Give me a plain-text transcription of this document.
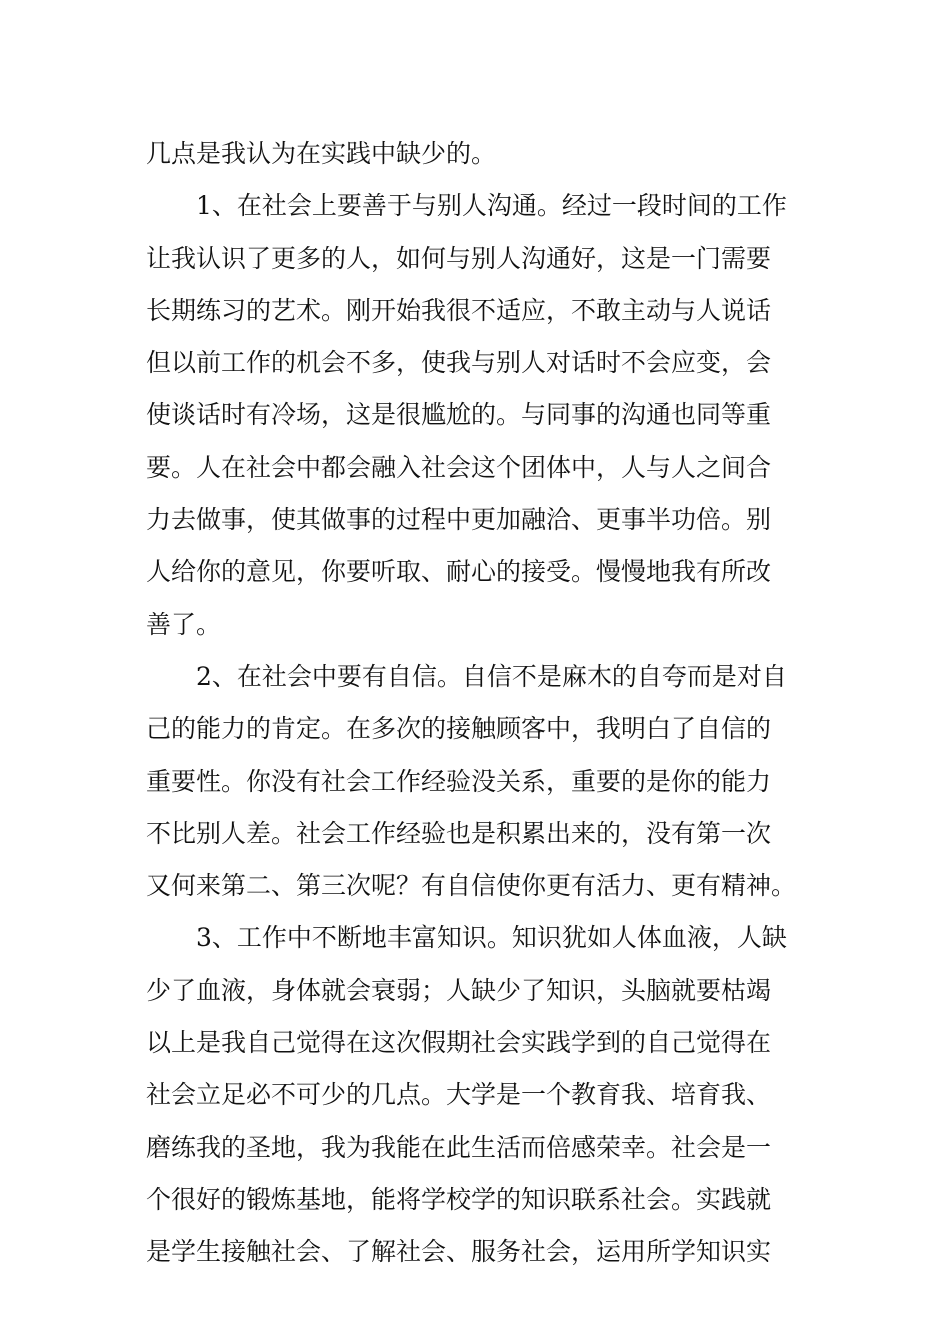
几点是我认为在实践中缺少的。
1、在社会上要善于与别人沟通。经过一段时间的工作
让我认识了更多的人，如何与别人沟通好，这是一门需要
长期练习的艺术。刚开始我很不适应，不敢主动与人说话
但以前工作的机会不多，使我与别人对话时不会应变，会
使谈话时有冷场，这是很尴尬的。与同事的沟通也同等重
要。人在社会中都会融入社会这个团体中，人与人之间合
力去做事，使其做事的过程中更加融洽、更事半功倍。别
人给你的意见，你要听取、耐心的接受。慢慢地我有所改
善了。
2、在社会中要有自信。自信不是麻木的自夸而是对自
己的能力的肯定。在多次的接触顾客中，我明白了自信的
重要性。你没有社会工作经验没关系，重要的是你的能力
不比别人差。社会工作经验也是积累出来的，没有第一次
又何来第二、第三次呢？有自信使你更有活力、更有精神。
3、工作中不断地丰富知识。知识犹如人体血液，人缺
少了血液，身体就会衰弱；人缺少了知识，头脑就要枯竭
以上是我自己觉得在这次假期社会实践学到的自己觉得在
社会立足必不可少的几点。大学是一个教育我、培育我、
磨练我的圣地，我为我能在此生活而倍感荣幸。社会是一
个很好的锻炼基地，能将学校学的知识联系社会。实践就
是学生接触社会、了解社会、服务社会，运用所学知识实
